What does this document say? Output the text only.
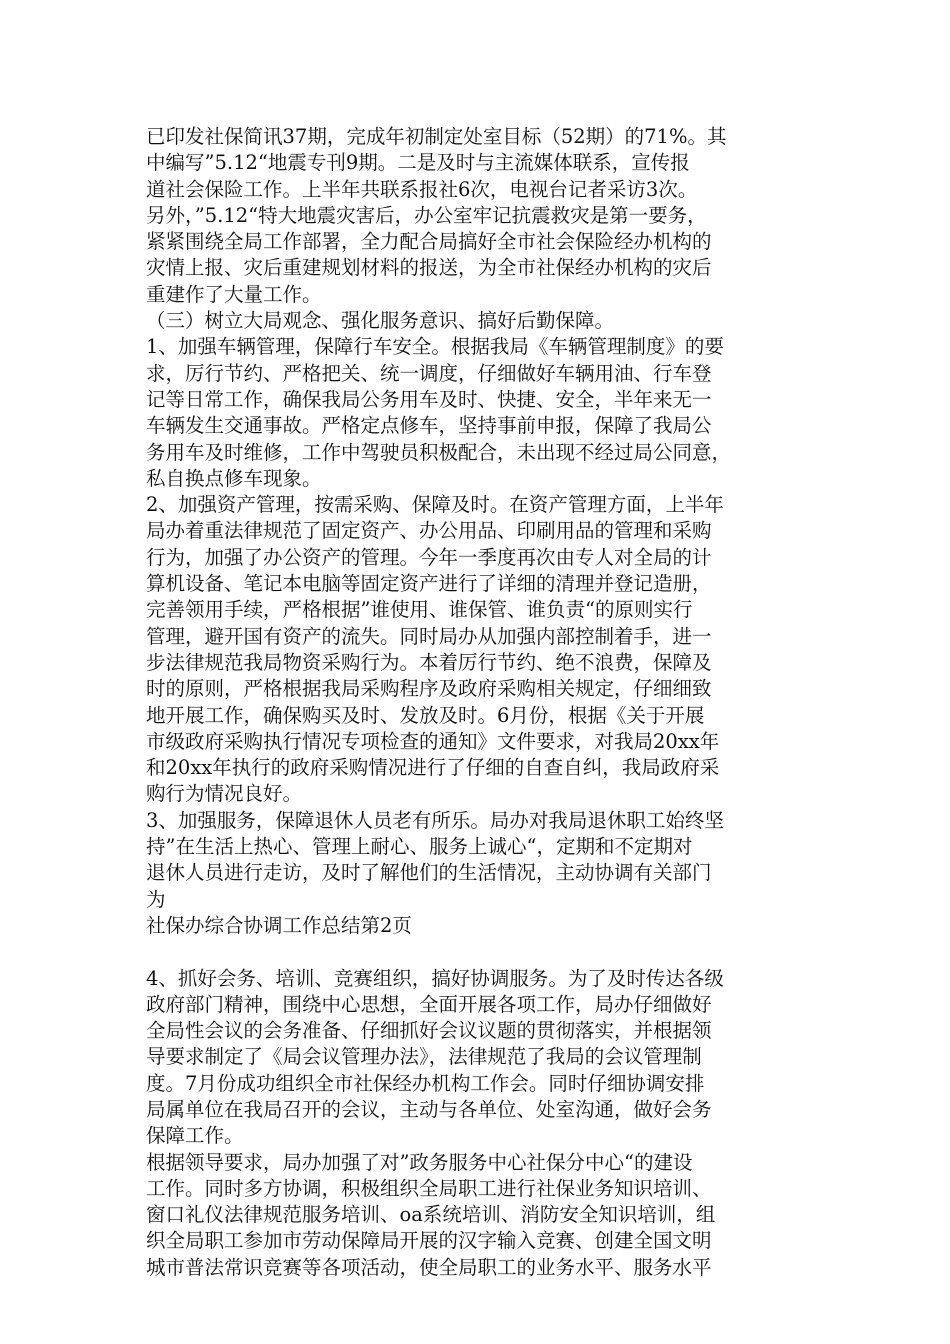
已印发社保简讯37期，完成年初制定处室目标（52期）的71%。其
中编写”5.12“地震专刊9期。二是及时与主流媒体联系，宣传报
道社会保险工作。上半年共联系报社6次，电视台记者采访3次。
另外，”5.12“特大地震灾害后，办公室牢记抗震救灾是第一要务，
紧紧围绕全局工作部署，全力配合局搞好全市社会保险经办机构的
灾情上报、灾后重建规划材料的报送，为全市社保经办机构的灾后
重建作了大量工作。
（三）树立大局观念、强化服务意识、搞好后勤保障。
1、加强车辆管理，保障行车安全。根据我局《车辆管理制度》的要
求，厉行节约、严格把关、统一调度，仔细做好车辆用油、行车登
记等日常工作，确保我局公务用车及时、快捷、安全，半年来无一
车辆发生交通事故。严格定点修车，坚持事前申报，保障了我局公
务用车及时维修，工作中驾驶员积极配合，未出现不经过局公同意，
私自换点修车现象。
2、加强资产管理，按需采购、保障及时。在资产管理方面，上半年
局办着重法律规范了固定资产、办公用品、印刷用品的管理和采购
行为，加强了办公资产的管理。今年一季度再次由专人对全局的计
算机设备、笔记本电脑等固定资产进行了详细的清理并登记造册，
完善领用手续，严格根据”谁使用、谁保管、谁负责“的原则实行
管理，避开国有资产的流失。同时局办从加强内部控制着手，进一
步法律规范我局物资采购行为。本着厉行节约、绝不浪费，保障及
时的原则，严格根据我局采购程序及政府采购相关规定，仔细细致
地开展工作，确保购买及时、发放及时。6月份，根据《关于开展
市级政府采购执行情况专项检查的通知》文件要求，对我局20xx年
和20xx年执行的政府采购情况进行了仔细的自查自纠，我局政府采
购行为情况良好。
3、加强服务，保障退休人员老有所乐。局办对我局退休职工始终坚
持”在生活上热心、管理上耐心、服务上诚心“，定期和不定期对
退休人员进行走访，及时了解他们的生活情况，主动协调有关部门
为
社保办综合协调工作总结第2页
4、抓好会务、培训、竞赛组织，搞好协调服务。为了及时传达各级
政府部门精神，围绕中心思想，全面开展各项工作，局办仔细做好
全局性会议的会务准备、仔细抓好会议议题的贯彻落实，并根据领
导要求制定了《局会议管理办法》，法律规范了我局的会议管理制
度。7月份成功组织全市社保经办机构工作会。同时仔细协调安排
局属单位在我局召开的会议，主动与各单位、处室沟通，做好会务
保障工作。
根据领导要求，局办加强了对”政务服务中心社保分中心“的建设
工作。同时多方协调，积极组织全局职工进行社保业务知识培训、
窗口礼仪法律规范服务培训、oa系统培训、消防安全知识培训，组
织全局职工参加市劳动保障局开展的汉字输入竞赛、创建全国文明
城市普法常识竞赛等各项活动，使全局职工的业务水平、服务水平
